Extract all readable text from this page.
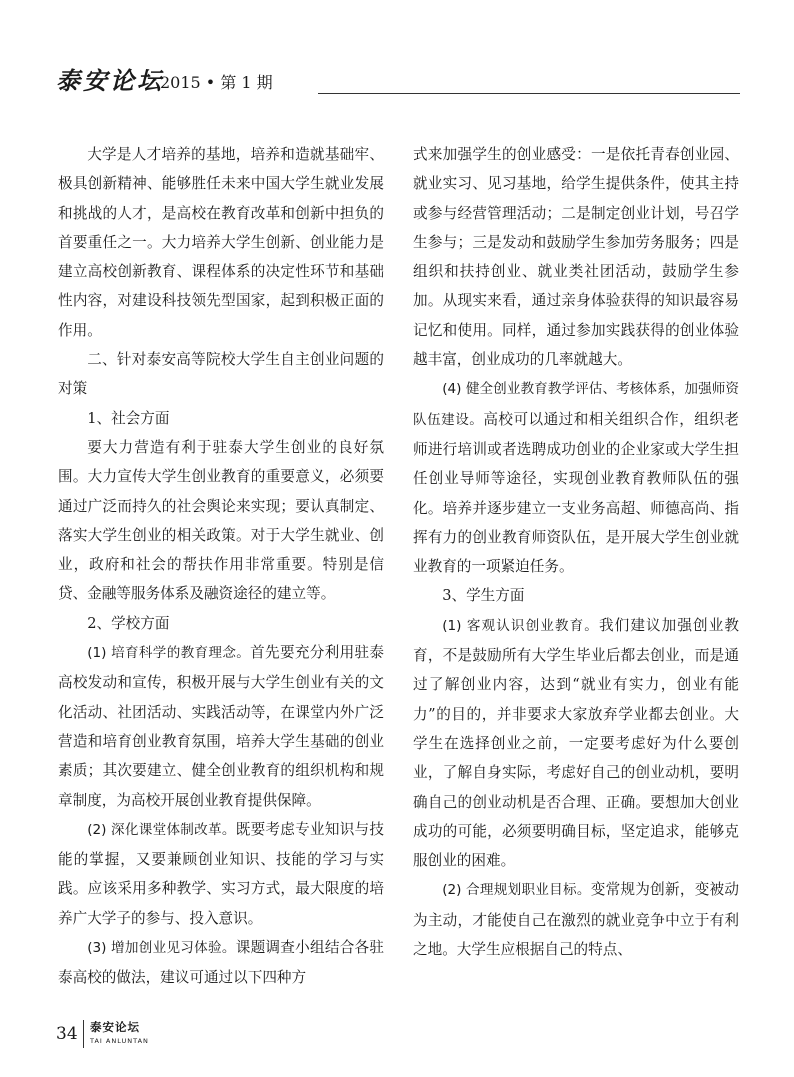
泰安论坛
2015 • 第 1 期

大学是人才培养的基地，培养和造就基础牢、极具创新精神、能够胜任未来中国大学生就业发展和挑战的人才，是高校在教育改革和创新中担负的首要重任之一。大力培养大学生创新、创业能力是建立高校创新教育、课程体系的决定性环节和基础性内容，对建设科技领先型国家，起到积极正面的作用。

二、针对泰安高等院校大学生自主创业问题的对策

1、社会方面

要大力营造有利于驻泰大学生创业的良好氛围。大力宣传大学生创业教育的重要意义，必须要通过广泛而持久的社会舆论来实现；要认真制定、落实大学生创业的相关政策。对于大学生就业、创业，政府和社会的帮扶作用非常重要。特别是信贷、金融等服务体系及融资途径的建立等。

2、学校方面

(1) 培育科学的教育理念。首先要充分利用驻泰高校发动和宣传，积极开展与大学生创业有关的文化活动、社团活动、实践活动等，在课堂内外广泛营造和培育创业教育氛围，培养大学生基础的创业素质；其次要建立、健全创业教育的组织机构和规章制度，为高校开展创业教育提供保障。

(2) 深化课堂体制改革。既要考虑专业知识与技能的掌握，又要兼顾创业知识、技能的学习与实践。应该采用多种教学、实习方式，最大限度的培养广大学子的参与、投入意识。

(3) 增加创业见习体验。课题调查小组结合各驻泰高校的做法，建议可通过以下四种方

式来加强学生的创业感受：一是依托青春创业园、就业实习、见习基地，给学生提供条件，使其主持或参与经营管理活动；二是制定创业计划，号召学生参与；三是发动和鼓励学生参加劳务服务；四是组织和扶持创业、就业类社团活动，鼓励学生参加。从现实来看，通过亲身体验获得的知识最容易记忆和使用。同样，通过参加实践获得的创业体验越丰富，创业成功的几率就越大。

(4) 健全创业教育教学评估、考核体系，加强师资队伍建设。高校可以通过和相关组织合作，组织老师进行培训或者选聘成功创业的企业家或大学生担任创业导师等途径，实现创业教育教师队伍的强化。培养并逐步建立一支业务高超、师德高尚、指挥有力的创业教育师资队伍，是开展大学生创业就业教育的一项紧迫任务。

3、学生方面

(1) 客观认识创业教育。我们建议加强创业教育，不是鼓励所有大学生毕业后都去创业，而是通过了解创业内容，达到“就业有实力，创业有能力”的目的，并非要求大家放弃学业都去创业。大学生在选择创业之前，一定要考虑好为什么要创业，了解自身实际，考虑好自己的创业动机，要明确自己的创业动机是否合理、正确。要想加大创业成功的可能，必须要明确目标，坚定追求，能够克服创业的困难。

(2) 合理规划职业目标。变常规为创新，变被动为主动，才能使自己在激烈的就业竞争中立于有利之地。大学生应根据自己的特点、

34 泰安论坛
TAI ANLUNTAN
